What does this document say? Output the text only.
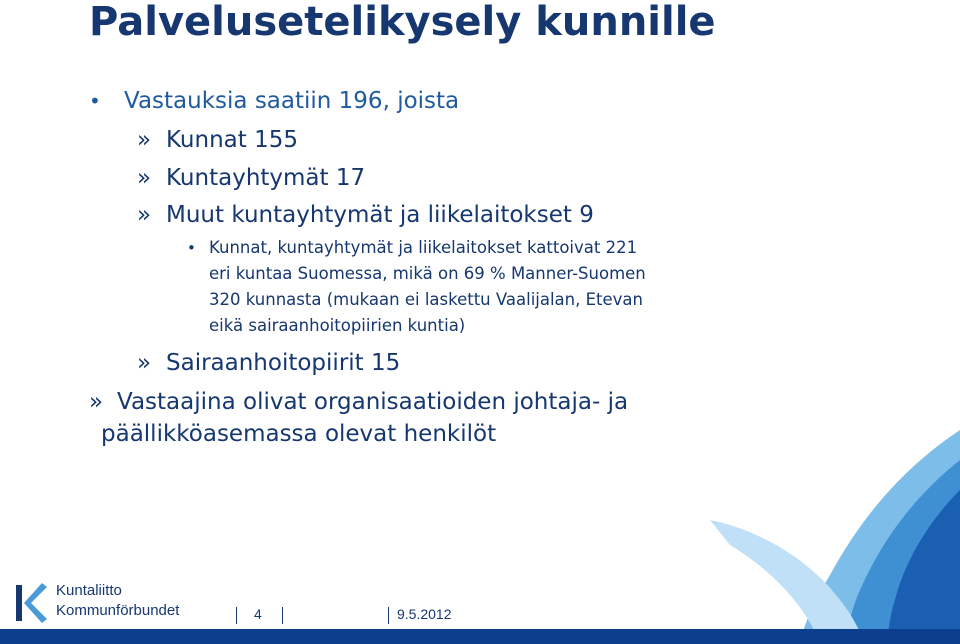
Palvelusetelikysely kunnille
• Vastauksia saatiin 196, joista
» Kunnat 155
» Kuntayhtymät 17
» Muut kuntayhtymät ja liikelaitokset 9
• Kunnat, kuntayhtymät ja liikelaitokset kattoivat 221
eri kuntaa Suomessa, mikä on 69 % Manner-Suomen
320 kunnasta (mukaan ei laskettu Vaalijalan, Etevan
eikä sairaanhoitopiirien kuntia)
» Sairaanhoitopiirit 15
» Vastaajina olivat organisaatioiden johtaja- ja
päällikköasemassa olevat henkilöt
Kuntaliitto
Kommunförbundet	4	9.5.2012
